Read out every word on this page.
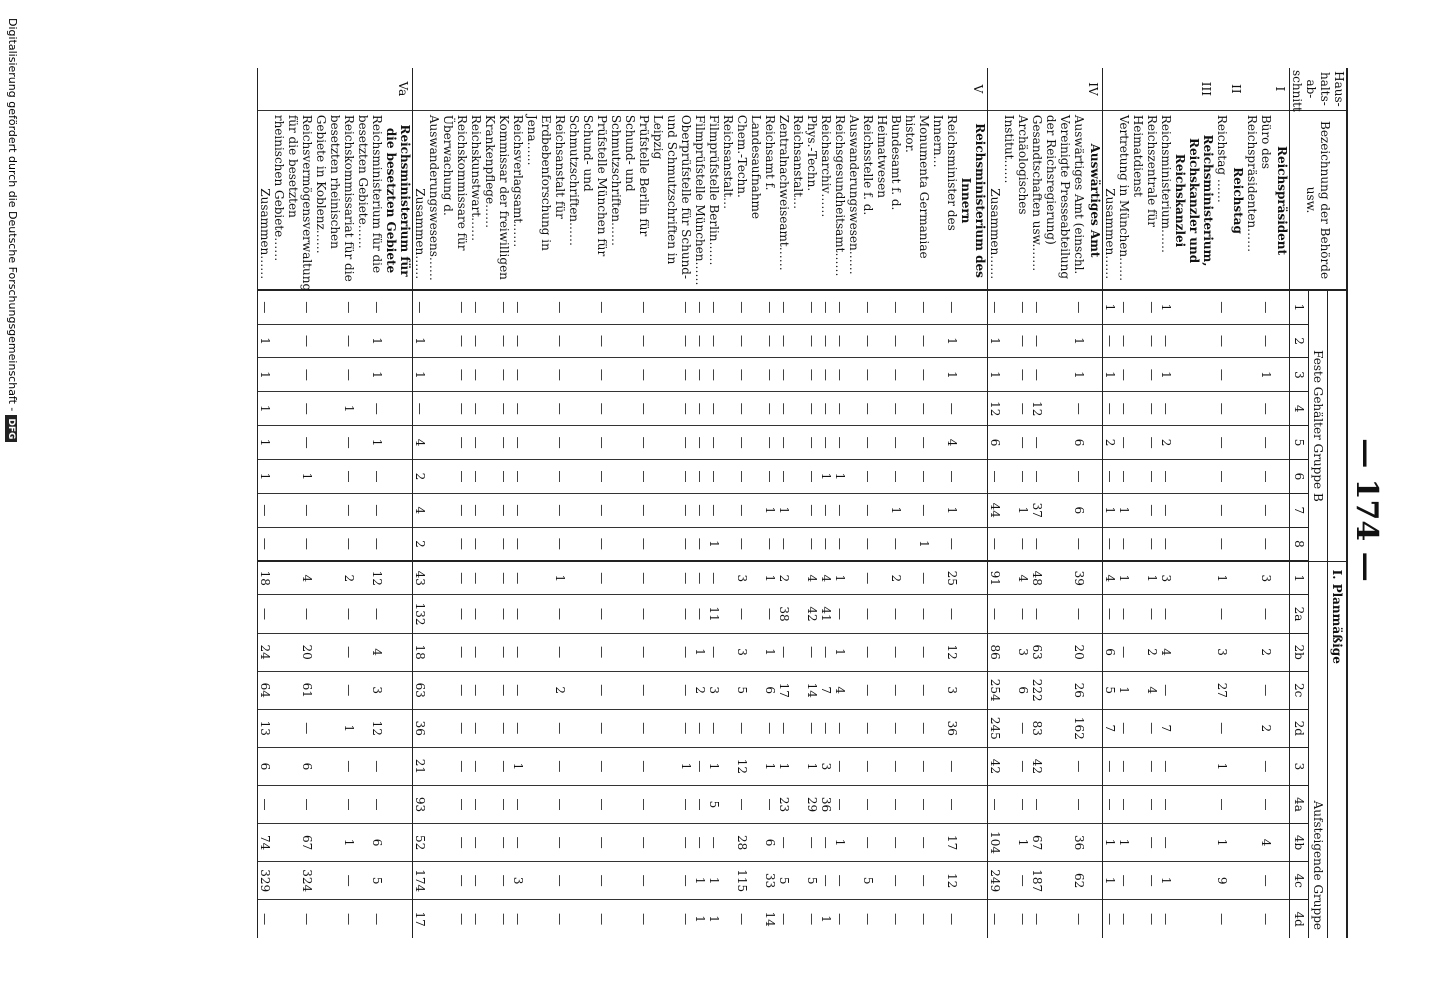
— 174 —
Haus-halts-ab-schnitt	Bezeichnung der Behörde usw.									I. Planmäßige									
		Feste Gehälter Gruppe B								Aufsteigende Gruppe									
		1	2	3	4	5	6	7	8	1	2a	2b	2c	2d	3	4a	4b	4c	4d
I	Reichspräsident																		
	Büro des Reichspräsidenten……	—	—	1	—	—	—	—	—	3	—	2	—	2	—	—	4	—	—
II	Reichstag																		
	Reichstag ……	—	—	—	—	—	—	—	—	1	—	3	27	—	1	—	1	9	—
III	Reichsministerium, Reichskanzler und Reichskanzlei																		
	Reichsministerium……	1	—	1	—	2	—	—	—	3	—	4	—	7	—	—	—	1	—
	Reichszentrale für Heimatdienst	—	—	—	—	—	—	—	—	1	—	2	4	—	—	—	—	—	—
	Vertretung in München……	—	—	—	—	—	—	1	—	1	—	—	1	—	—	—	1	—	—
	Zusammen……	1	—	1	—	2	—	1	—	4	—	6	5	7	—	—	1	1	—
IV	Auswärtiges Amt																		
	Auswärtiges Amt (einschl. Vereinigte Presseabteilung der Reichsregierung)	—	1	1	—	6	—	6	—	39	—	20	26	162	—	—	36	62	—
	Gesandtschaften usw.……	—	—	—	12	—	—	37	—	48	—	63	222	83	42	—	67	187	—
	Archäologisches Institut……	—	—	—	—	—	—	1	—	4	—	3	6	—	—	—	1	—	—
	Zusammen……	—	1	1	12	6	—	44	—	91	—	86	254	245	42	—	104	249	—
V	Reichsministerium des Innern																		
	Reichsminister des Innern…	—	1	1	—	4	—	1	—	25	—	12	3	36	—	—	17	12	—
	Monumenta Germaniae histor.	—	—	—	—	—	—	—	1	—	—	—	—	—	—	—	—	—	—
	Bundesamt f. d. Heimatwesen	—	—	—	—	—	—	1	—	2	—	—	—	—	—	—	—	—	—
	Reichsstelle f. d. Auswanderungswesen……	—	—	—	—	—	—	—	—	—	—	—	—	—	—	—	—	5	—
	Reichsgesundheitsamt……	—	—	—	—	—	1	—	—	1	—	1	4	—	—	—	1	—	—
	Reichsarchiv……	—	—	—	—	—	1	—	—	4	41	—	7	—	3	36	—	—	1
	Phys.-Techn. Reichsanstalt…	—	—	—	—	—	—	—	—	4	42	—	14	—	1	29	—	5	—
	Zentralnachweiseamt……	—	—	—	—	—	—	1	—	2	38	—	17	—	1	23	—	5	—
	Reichsamt f. Landesaufnahme	—	—	—	—	—	—	1	—	1	—	1	6	—	1	—	6	33	14
	Chem.-Techn. Reichsanstalt…	—	—	—	—	—	—	—	—	3	—	3	5	—	12	—	28	115	—
	Filmprüfstelle Berlin……	—	—	—	—	—	—	—	1	—	11	—	3	—	1	5	—	1	1
	Filmprüfstelle München……	—	—	—	—	—	—	—	—	—	—	1	2	—	—	—	—	1	1
	Oberprüfstelle für Schund- und Schmutzschriften in Leipzig	—	—	—	—	—	—	—	—	—	—	—	—	—	1	—	—	—	—
	Prüfstelle Berlin für Schund- und Schmutzschriften……	—	—	—	—	—	—	—	—	—	—	—	—	—	—	—	—	—	—
	Prüfstelle München für Schund- und Schmutzschriften……	—	—	—	—	—	—	—	—	—	—	—	—	—	—	—	—	—	—
	Reichsanstalt für Erdbebenforschung in Jena……	—	—	—	—	—	—	—	—	1	—	—	2	—	—	—	—	—	—
	Reichsverlagsamt……	—	—	—	—	—	—	—	—	—	—	—	—	—	1	—	—	3	—
	Kommissar der freiwilligen Krankenpflege……	—	—	—	—	—	—	—	—	—	—	—	—	—	—	—	—	—	—
	Reichskunstwart……	—	—	—	—	—	—	—	—	—	—	—	—	—	—	—	—	—	—
	Reichskommissare für Überwachung d. Auswanderungswesens……	—	—	—	—	—	—	—	—	—	—	—	—	—	—	—	—	—	—
	Zusammen……	—	1	1	—	4	2	4	2	43	132	18	63	36	21	93	52	174	17
Va	Reichsministerium für die besetzten Gebiete																		
	Reichsministerium für die besetzten Gebiete……	—	1	1	—	1	—	—	—	12	—	4	3	12	—	—	6	5	—
	Reichskommissariat für die besetzten rheinischen Gebiete in Koblenz……	—	—	—	1	—	—	—	—	2	—	—	—	1	—	—	1	—	—
	Reichsvermögensverwaltung für die besetzten rheinischen Gebiete……	—	—	—	—	—	1	—	—	4	—	20	61	—	6	—	67	324	—
	Zusammen……	—	1	1	1	1	1	—	—	18	—	24	64	13	6	—	74	329	—
Digitalisierung gefördert durch die Deutsche Forschungsgemeinschaft -DFG
